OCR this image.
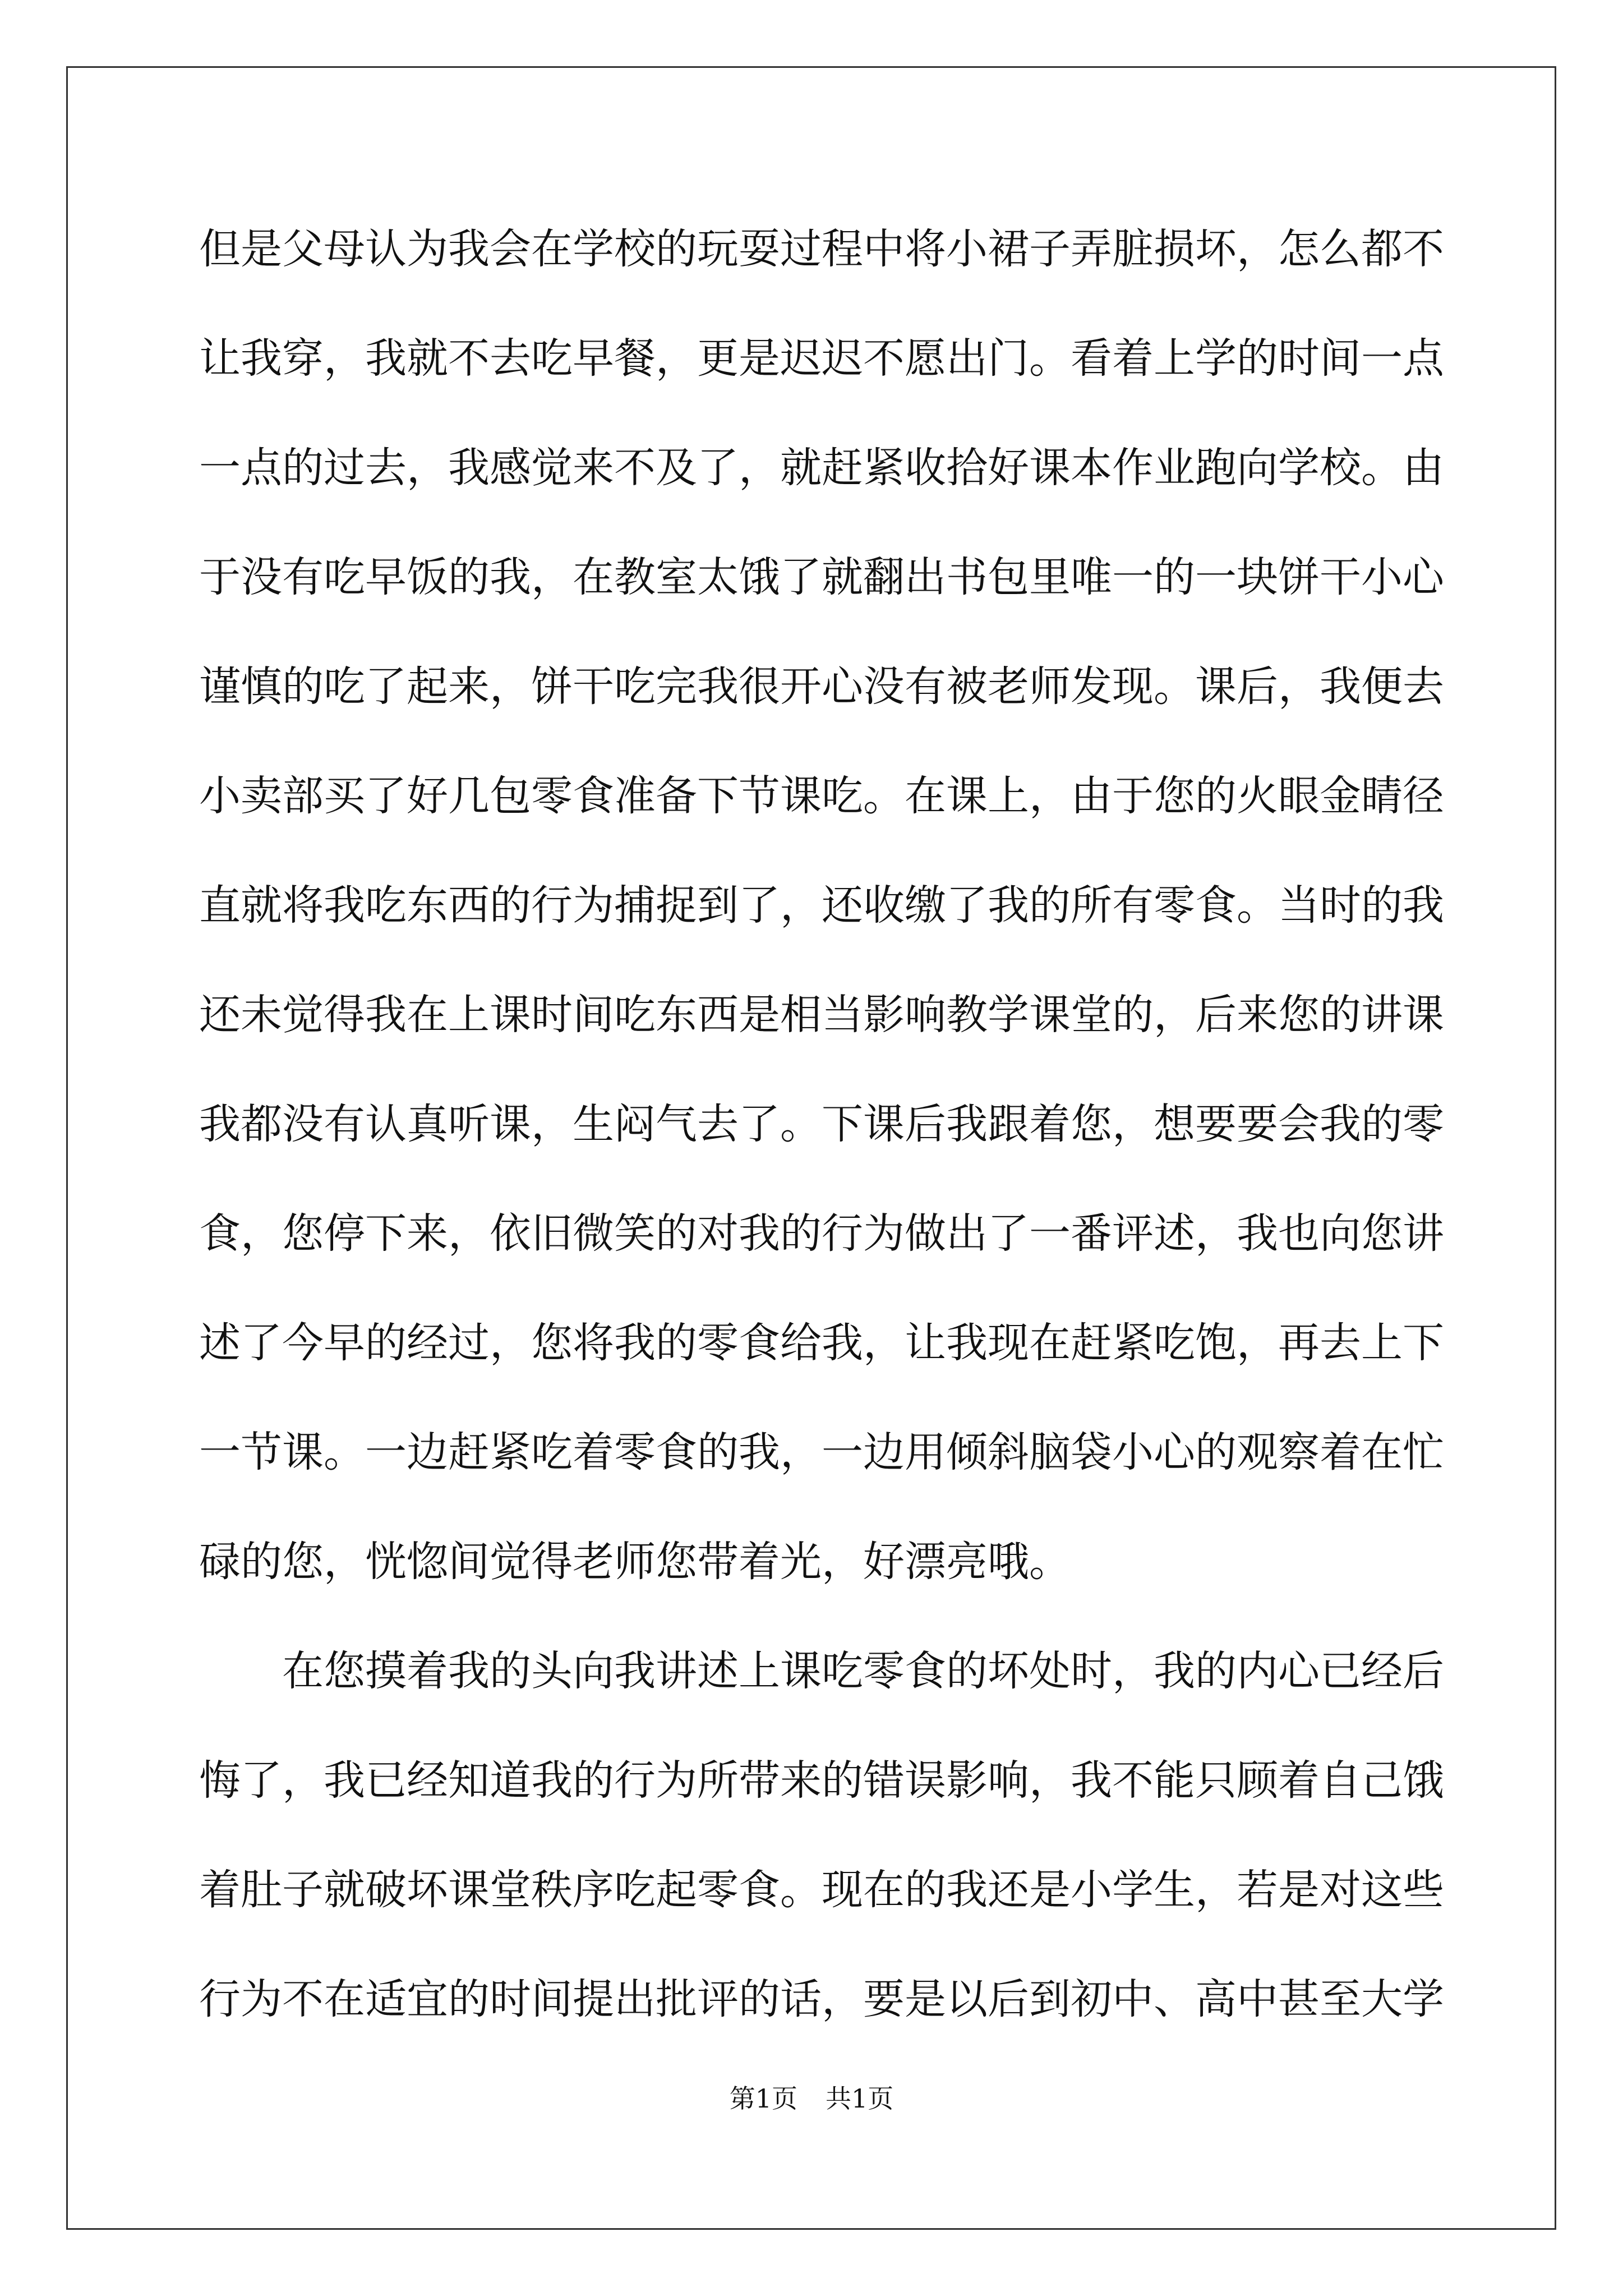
但 是 父 母 认 为 我 会 在 学 校 的 玩 耍 过 程 中 将 小 裙 子 弄 脏 损 坏 ， 怎 么 都 不
让 我 穿 ， 我 就 不 去 吃 早 餐 ， 更 是 迟 迟 不 愿 出 门 。 看 着 上 学 的 时 间 一 点
一 点 的 过 去 ， 我 感 觉 来 不 及 了 ， 就 赶 紧 收 拾 好 课 本 作 业 跑 向 学 校 。 由
于 没 有 吃 早 饭 的 我 ， 在 教 室 太 饿 了 就 翻 出 书 包 里 唯 一 的 一 块 饼 干 小 心
谨 慎 的 吃 了 起 来 ， 饼 干 吃 完 我 很 开 心 没 有 被 老 师 发 现 。 课 后 ， 我 便 去
小 卖 部 买 了 好 几 包 零 食 准 备 下 节 课 吃 。 在 课 上 ， 由 于 您 的 火 眼 金 睛 径
直 就 将 我 吃 东 西 的 行 为 捕 捉 到 了 ， 还 收 缴 了 我 的 所 有 零 食 。 当 时 的 我
还 未 觉 得 我 在 上 课 时 间 吃 东 西 是 相 当 影 响 教 学 课 堂 的 ， 后 来 您 的 讲 课
我 都 没 有 认 真 听 课 ， 生 闷 气 去 了 。 下 课 后 我 跟 着 您 ， 想 要 要 会 我 的 零
食 ， 您 停 下 来 ， 依 旧 微 笑 的 对 我 的 行 为 做 出 了 一 番 评 述 ， 我 也 向 您 讲
述 了 今 早 的 经 过 ， 您 将 我 的 零 食 给 我 ， 让 我 现 在 赶 紧 吃 饱 ， 再 去 上 下
一 节 课 。 一 边 赶 紧 吃 着 零 食 的 我 ， 一 边 用 倾 斜 脑 袋 小 心 的 观 察 着 在 忙
碌的您，恍惚间觉得老师您带着光，好漂亮哦。
在 您 摸 着 我 的 头 向 我 讲 述 上 课 吃 零 食 的 坏 处 时 ， 我 的 内 心 已 经 后
悔 了 ， 我 已 经 知 道 我 的 行 为 所 带 来 的 错 误 影 响 ， 我 不 能 只 顾 着 自 己 饿
着 肚 子 就 破 坏 课 堂 秩 序 吃 起 零 食 。 现 在 的 我 还 是 小 学 生 ， 若 是 对 这 些
行 为 不 在 适 宜 的 时 间 提 出 批 评 的 话 ， 要 是 以 后 到 初 中 、 高 中 甚 至 大 学
第1页 共1页
